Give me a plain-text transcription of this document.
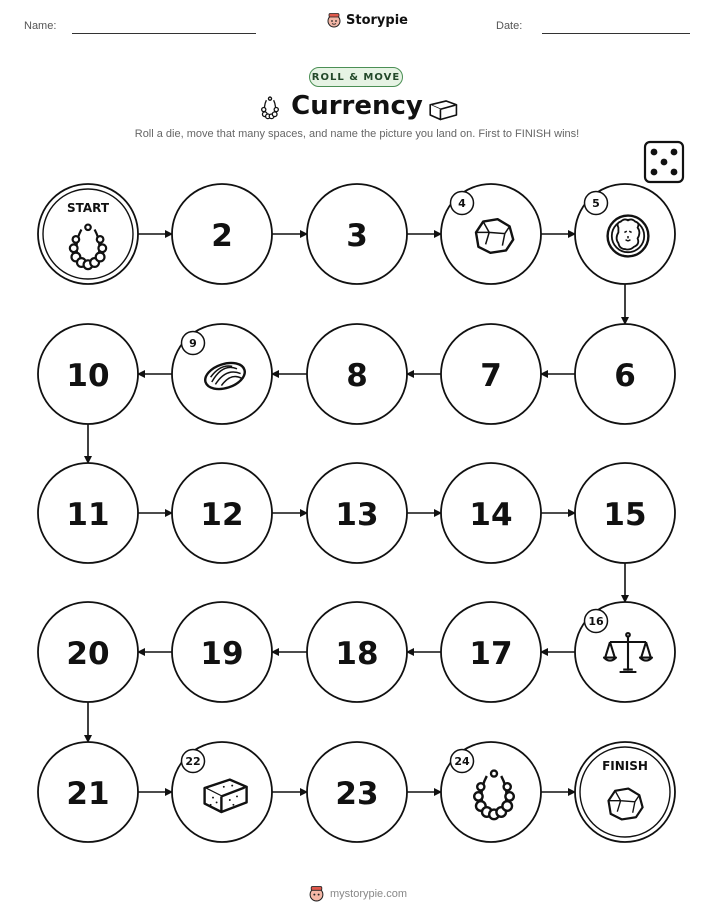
Name:	Storypie	Date:
ROLL & MOVE
Currency
Roll a die, move that many spaces, and name the picture you land on. First to FINISH wins!
START
2	3
4	5
6
7
8
9
10
11	12	13	14	15
16
17
18
19
20
21
22
23
24	FINISH
mystorypie.com
